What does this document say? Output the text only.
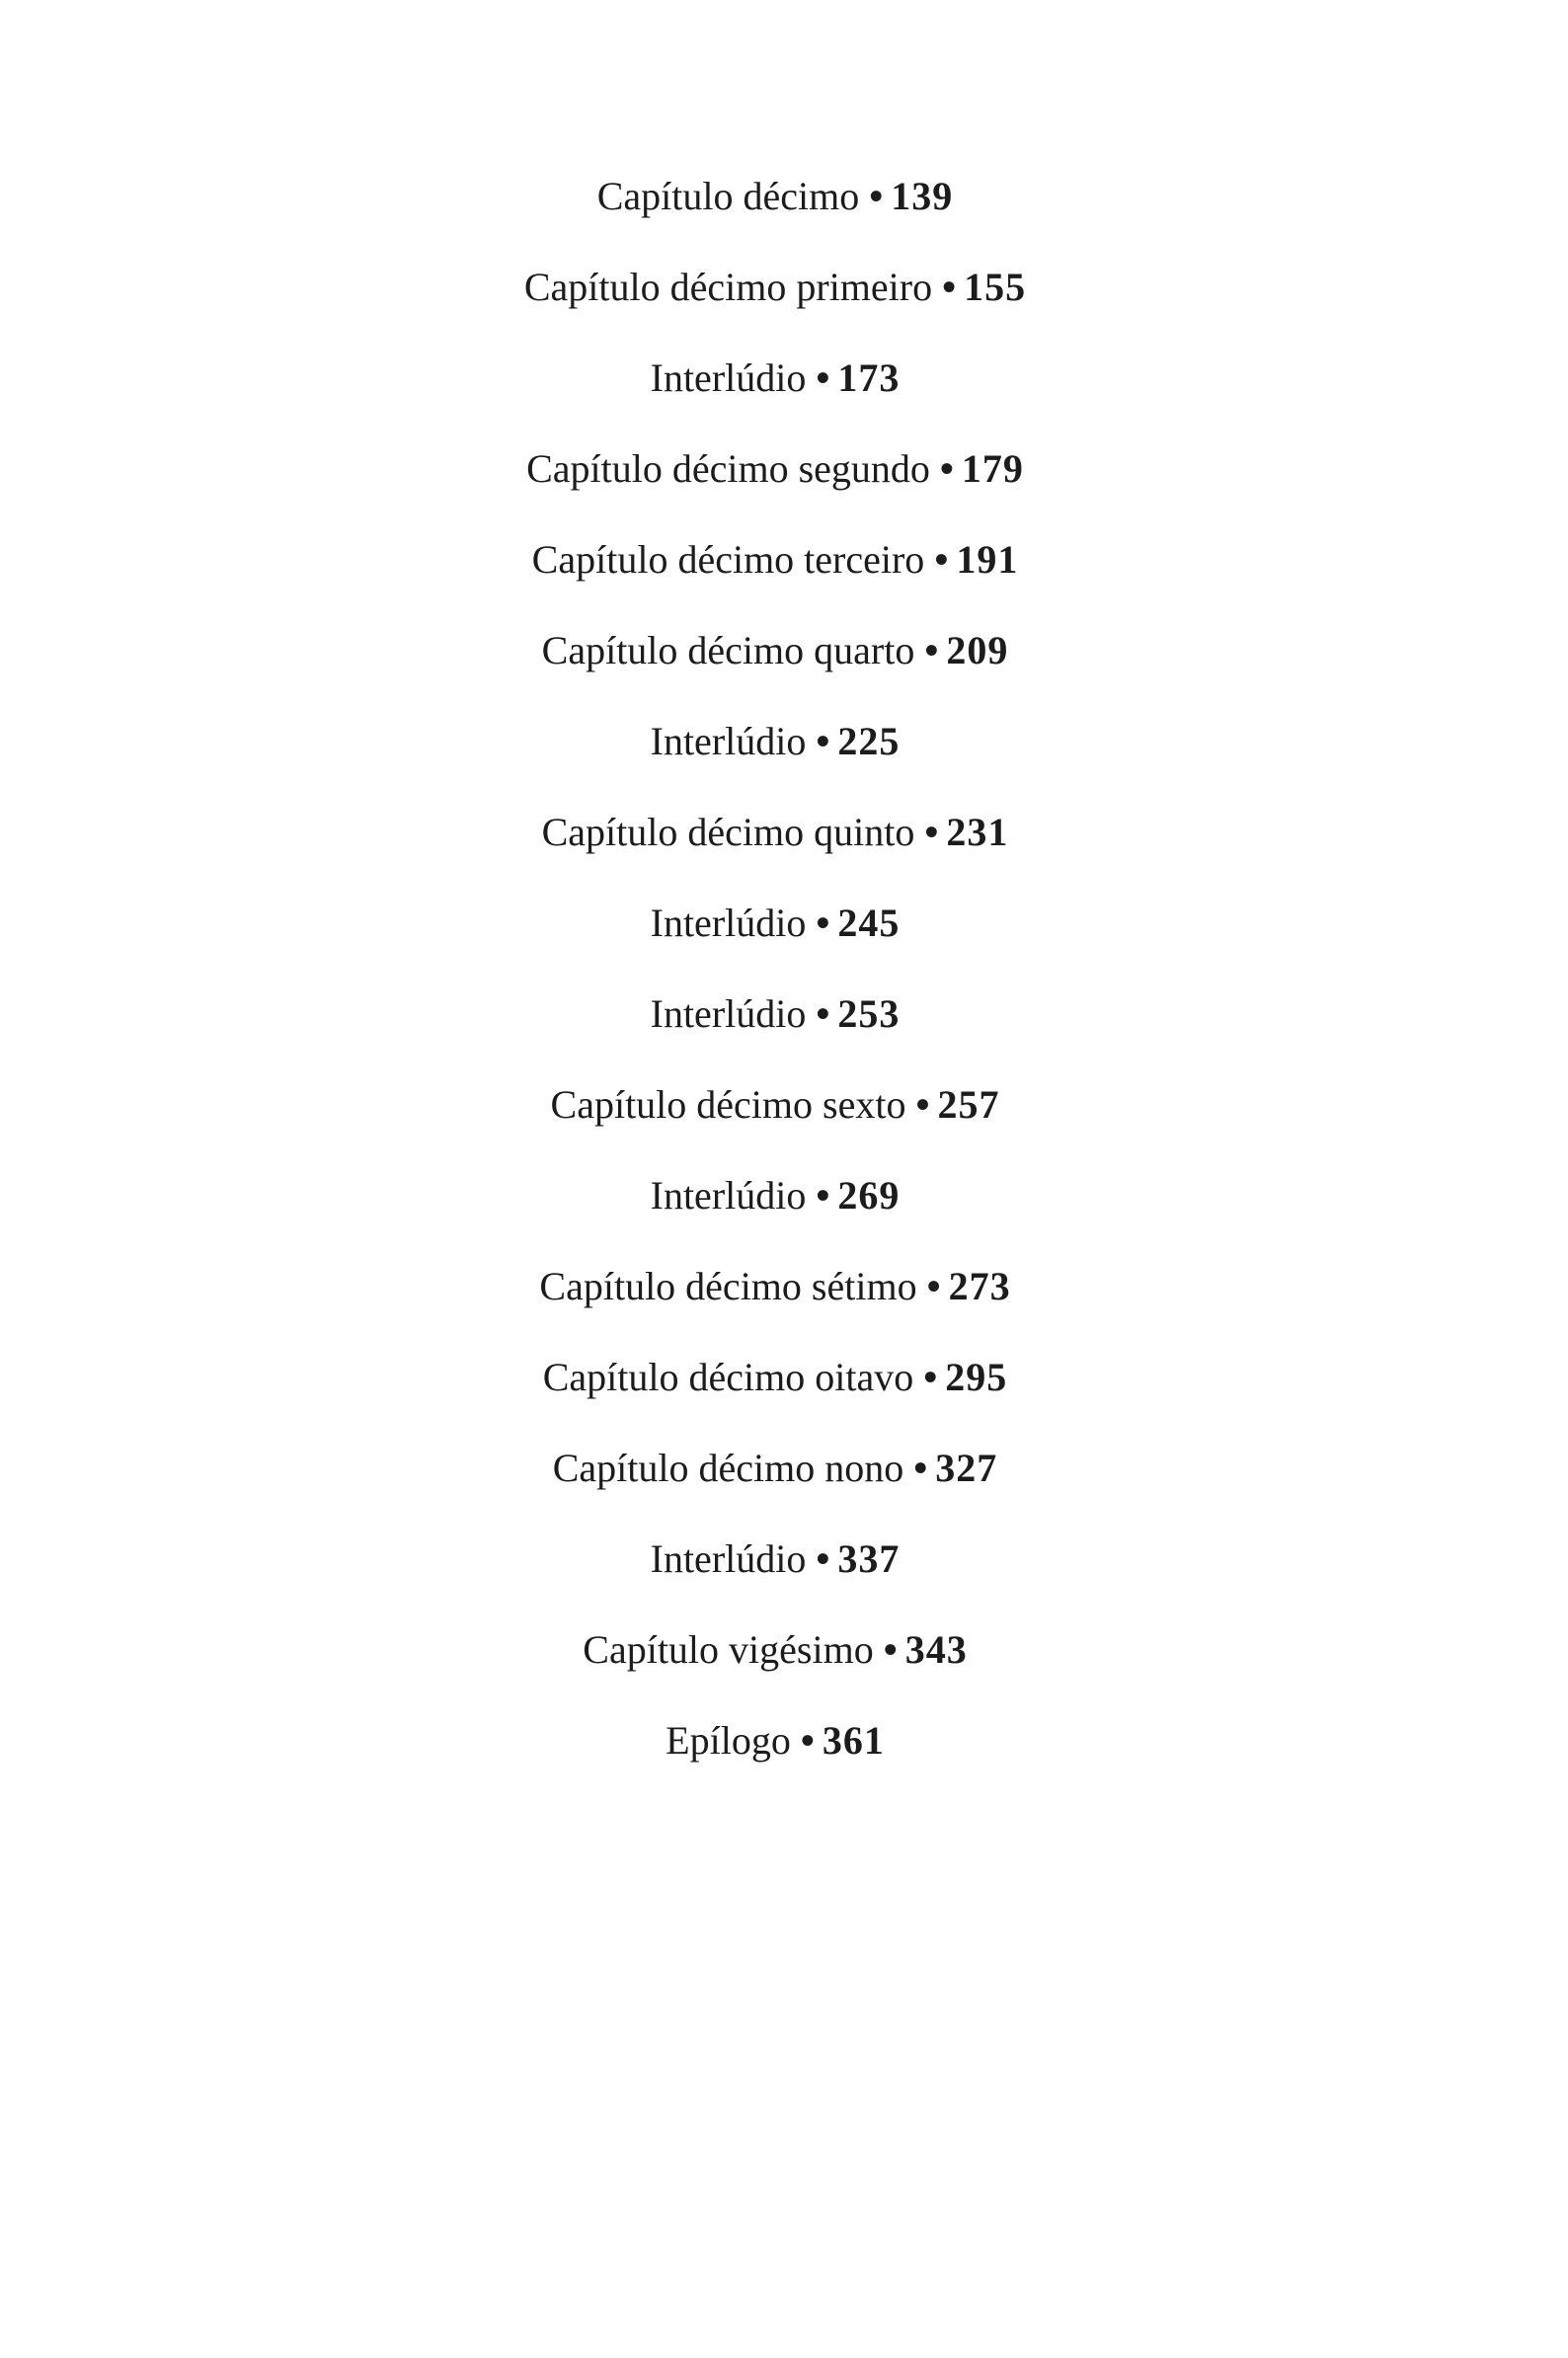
Capítulo décimo • 139
Capítulo décimo primeiro • 155
Interlúdio • 173
Capítulo décimo segundo • 179
Capítulo décimo terceiro • 191
Capítulo décimo quarto • 209
Interlúdio • 225
Capítulo décimo quinto • 231
Interlúdio • 245
Interlúdio • 253
Capítulo décimo sexto • 257
Interlúdio • 269
Capítulo décimo sétimo • 273
Capítulo décimo oitavo • 295
Capítulo décimo nono • 327
Interlúdio • 337
Capítulo vigésimo • 343
Epílogo • 361
